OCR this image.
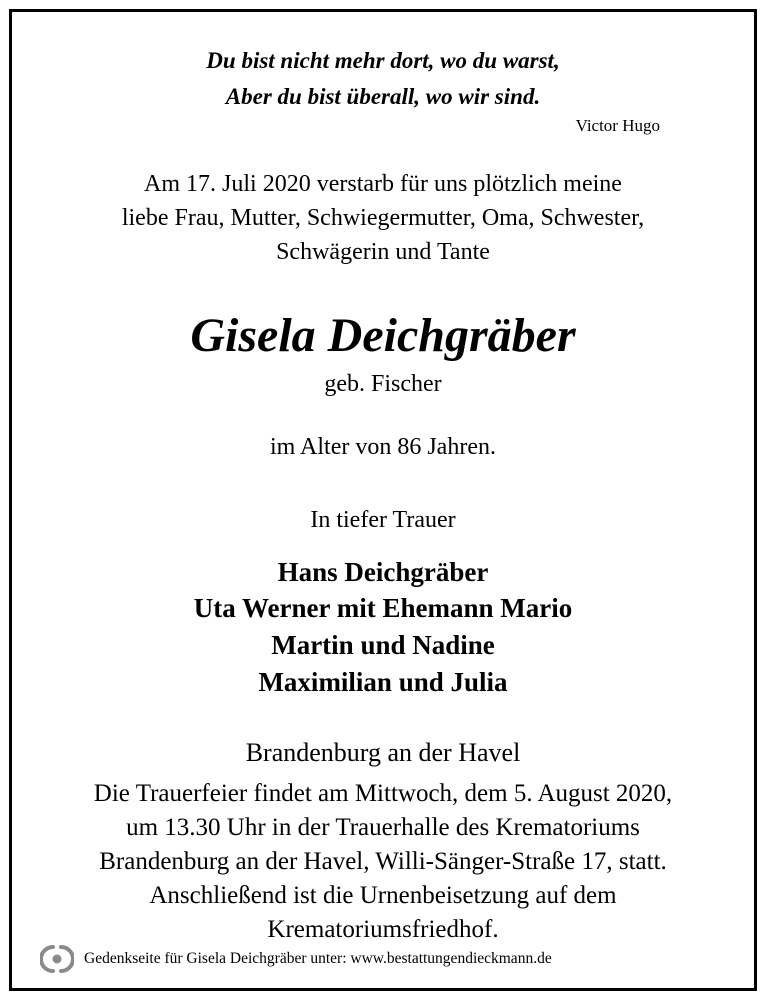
Du bist nicht mehr dort, wo du warst,
Aber du bist überall, wo wir sind.
Victor Hugo
Am 17. Juli 2020 verstarb für uns plötzlich meine
liebe Frau, Mutter, Schwiegermutter, Oma, Schwester,
Schwägerin und Tante
Gisela Deichgräber
geb. Fischer
im Alter von 86 Jahren.
In tiefer Trauer
Hans Deichgräber
Uta Werner mit Ehemann Mario
Martin und Nadine
Maximilian und Julia
Brandenburg an der Havel
Die Trauerfeier findet am Mittwoch, dem 5. August 2020,
um 13.30 Uhr in der Trauerhalle des Krematoriums
Brandenburg an der Havel, Willi-Sänger-Straße 17, statt.
Anschließend ist die Urnenbeisetzung auf dem
Krematoriumsfriedhof.
Gedenkseite für Gisela Deichgräber unter: www.bestattungendieckmann.de
